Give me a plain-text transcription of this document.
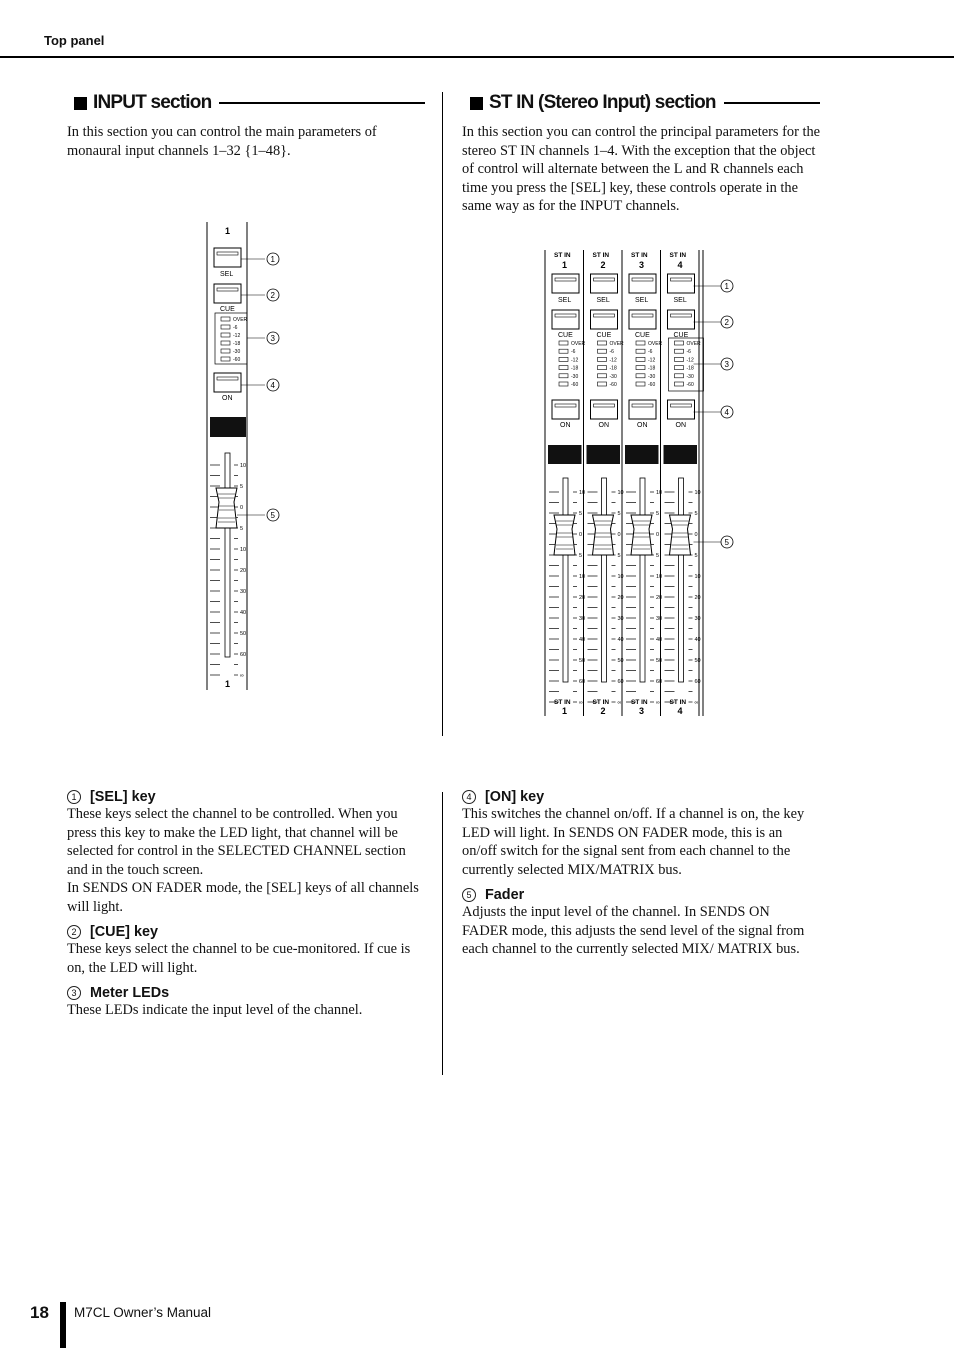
Top panel
INPUT section
In this section you can control the main parameters of monaural input channels 1–32 {1–48}.
ST IN (Stereo Input) section
In this section you can control the principal parameters for the stereo ST IN channels 1–4. With the exception that the object of control will alternate between the L and R channels each time you press the [SEL] key, these controls operate in the same way as for the INPUT channels.
1
SEL
CUE
OVER
-6
-12
-18
-30
-60
ON
10
5
0
5
10
20
30
40
50
60
∞
1
1
2
3
4
5
ST IN
1
SEL
CUE
OVER
-6
-12
-18
-30
-60
ON
10
5
0
5
10
20
30
40
50
60
∞
ST IN
1
ST IN
2
SEL
CUE
OVER
-6
-12
-18
-30
-60
ON
10
5
0
5
10
20
30
40
50
60
∞
ST IN
2
ST IN
3
SEL
CUE
OVER
-6
-12
-18
-30
-60
ON
10
5
0
5
10
20
30
40
50
60
∞
ST IN
3
ST IN
4
SEL
CUE
OVER
-6
-12
-18
-30
-60
ON
10
5
0
5
10
20
30
40
50
60
∞
ST IN
4
1
2
3
4
5
1 [SEL] key
These keys select the channel to be controlled. When you press this key to make the LED light, that channel will be selected for control in the SELECTED CHANNEL section and in the touch screen.
In SENDS ON FADER mode, the [SEL] keys of all channels will light.
2 [CUE] key
These keys select the channel to be cue-monitored. If cue is on, the LED will light.
3 Meter LEDs
These LEDs indicate the input level of the channel.
4 [ON] key
This switches the channel on/off. If a channel is on, the key LED will light. In SENDS ON FADER mode, this is an on/off switch for the signal sent from each channel to the currently selected MIX/MATRIX bus.
5 Fader
Adjusts the input level of the channel. In SENDS ON FADER mode, this adjusts the send level of the signal from each channel to the currently selected MIX/ MATRIX bus.
18 M7CL Owner’s Manual
